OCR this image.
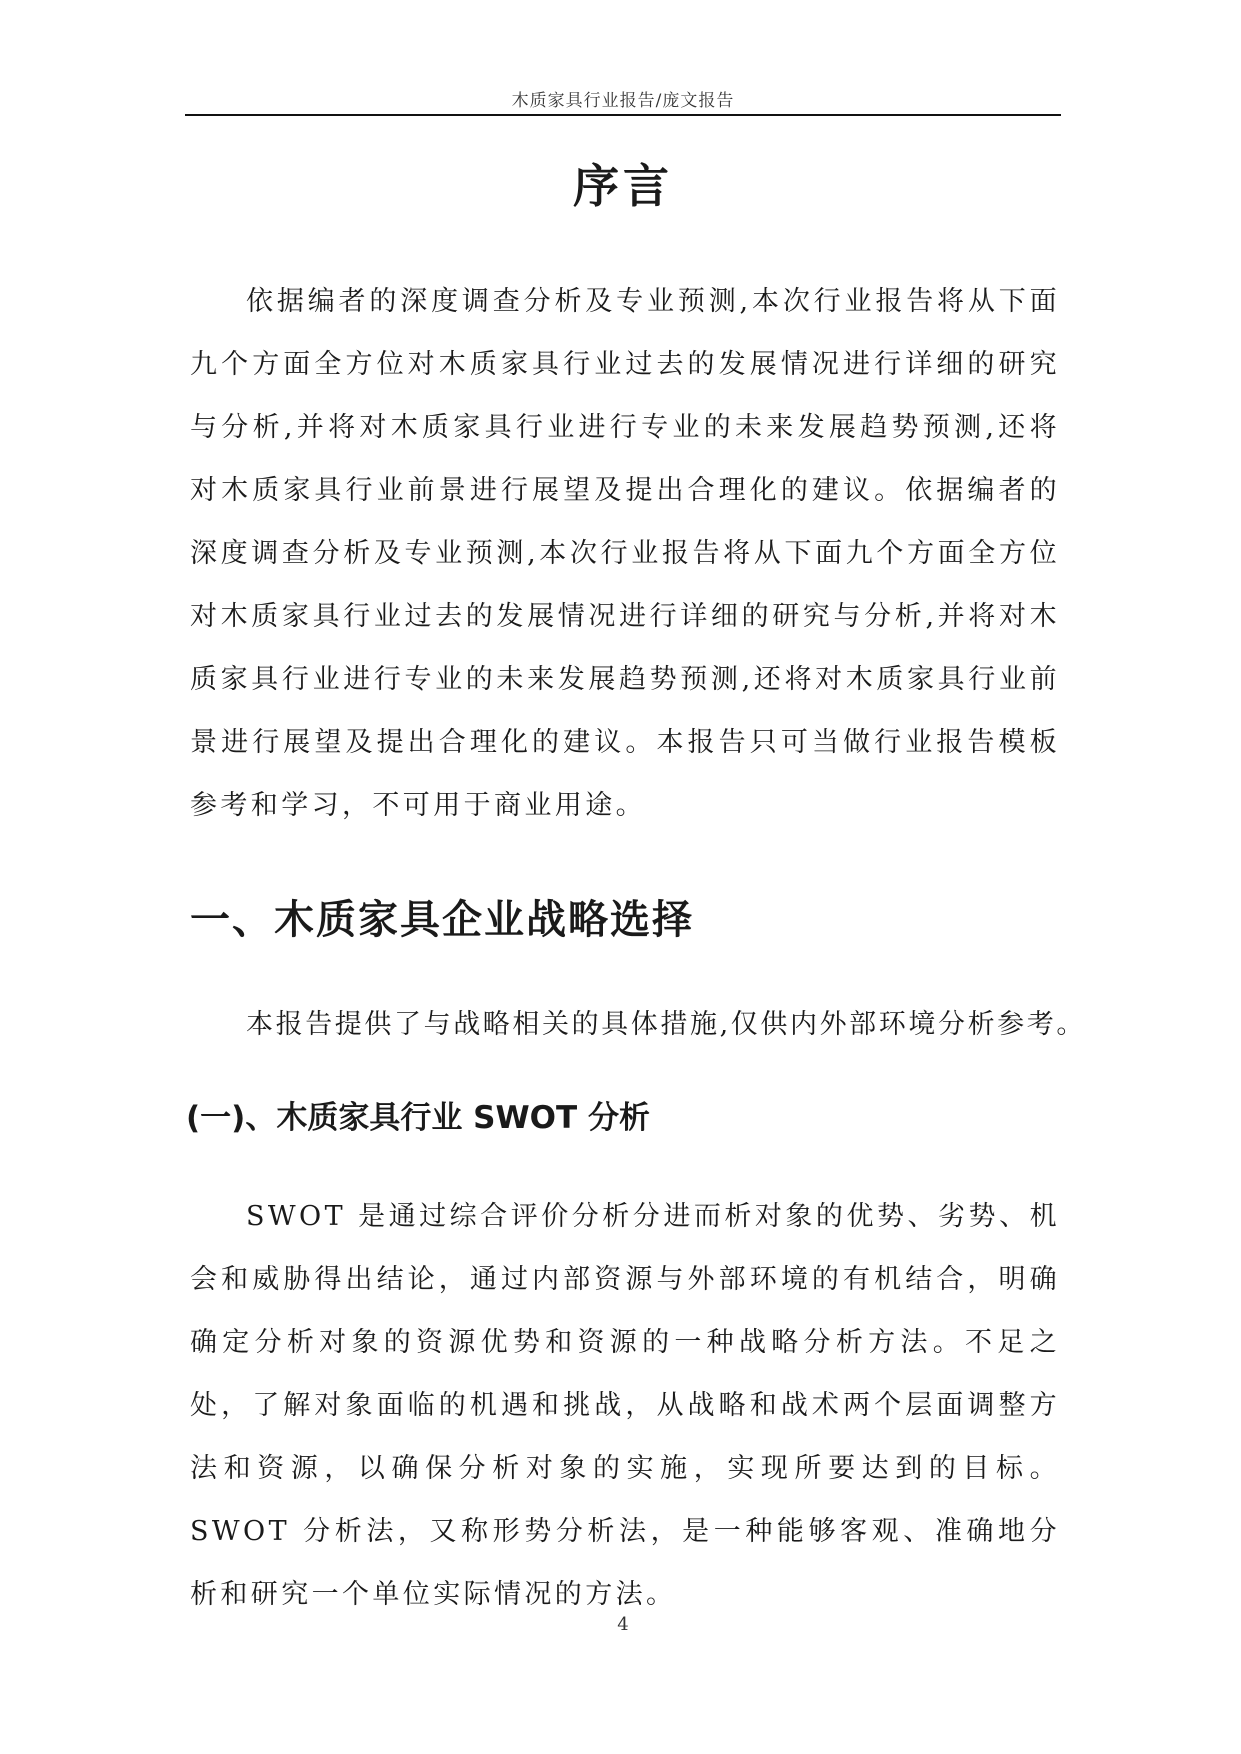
木质家具行业报告/庞文报告
序言

依据编者的深度调查分析及专业预测,本次行业报告将从下面九个方面全方位对木质家具行业过去的发展情况进行详细的研究与分析,并将对木质家具行业进行专业的未来发展趋势预测,还将对木质家具行业前景进行展望及提出合理化的建议。依据编者的深度调查分析及专业预测,本次行业报告将从下面九个方面全方位对木质家具行业过去的发展情况进行详细的研究与分析,并将对木质家具行业进行专业的未来发展趋势预测,还将对木质家具行业前景进行展望及提出合理化的建议。本报告只可当做行业报告模板参考和学习，不可用于商业用途。

一、木质家具企业战略选择

本报告提供了与战略相关的具体措施,仅供内外部环境分析参考。

(一)、木质家具行业 SWOT 分析

SWOT 是通过综合评价分析分进而析对象的优势、劣势、机会和威胁得出结论，通过内部资源与外部环境的有机结合，明确确定分析对象的资源优势和资源的一种战略分析方法。不足之处，了解对象面临的机遇和挑战，从战略和战术两个层面调整方法和资源，以确保分析对象的实施，实现所要达到的目标。 SWOT 分析法，又称形势分析法，是一种能够客观、准确地分析和研究一个单位实际情况的方法。

4
